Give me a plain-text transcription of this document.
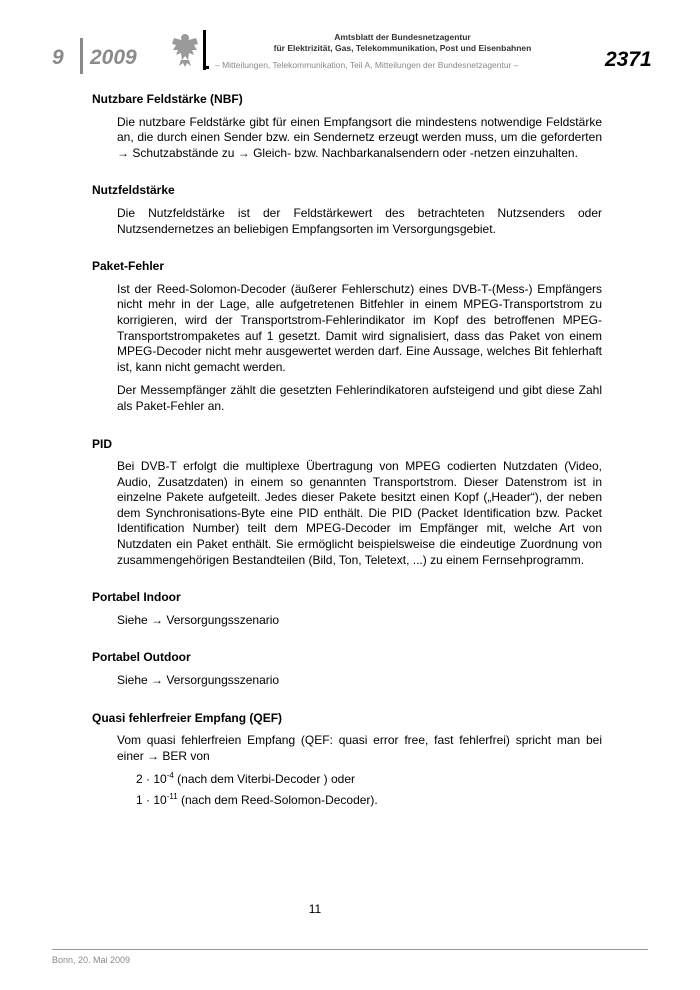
9 2009
Amtsblatt der Bundesnetzagentur
für Elektrizität, Gas, Telekommunikation, Post und Eisenbahnen
– Mitteilungen, Telekommunikation, Teil A, Mitteilungen der Bundesnetzagentur –	2371

Nutzbare Feldstärke (NBF)

Die nutzbare Feldstärke gibt für einen Empfangsort die mindestens notwendige Feldstärke an, die durch einen Sender bzw. ein Sendernetz erzeugt werden muss, um die geforderten → Schutzabstände zu → Gleich- bzw. Nachbarkanalsendern oder -netzen einzuhalten.

Nutzfeldstärke

Die Nutzfeldstärke ist der Feldstärkewert des betrachteten Nutzsenders oder Nutzsendernetzes an beliebigen Empfangsorten im Versorgungsgebiet.

Paket-Fehler

Ist der Reed-Solomon-Decoder (äußerer Fehlerschutz) eines DVB-T-(Mess-) Empfängers nicht mehr in der Lage, alle aufgetretenen Bitfehler in einem MPEG-Transportstrom zu korrigieren, wird der Transportstrom-Fehlerindikator im Kopf des betroffenen MPEG-Transportstrompaketes auf 1 gesetzt. Damit wird signalisiert, dass das Paket von einem MPEG-Decoder nicht mehr ausgewertet werden darf. Eine Aussage, welches Bit fehlerhaft ist, kann nicht gemacht werden.

Der Messempfänger zählt die gesetzten Fehlerindikatoren aufsteigend und gibt diese Zahl als Paket-Fehler an.

PID

Bei DVB-T erfolgt die multiplexe Übertragung von MPEG codierten Nutzdaten (Video, Audio, Zusatzdaten) in einem so genannten Transportstrom. Dieser Datenstrom ist in einzelne Pakete aufgeteilt. Jedes dieser Pakete besitzt einen Kopf („Header“), der neben dem Synchronisations-Byte eine PID enthält. Die PID (Packet Identification bzw. Packet Identification Number) teilt dem MPEG-Decoder im Empfänger mit, welche Art von Nutzdaten ein Paket enthält. Sie ermöglicht beispielsweise die eindeutige Zuordnung von zusammengehörigen Bestandteilen (Bild, Ton, Teletext, ...) zu einem Fernsehprogramm.

Portabel Indoor

Siehe → Versorgungsszenario

Portabel Outdoor

Siehe → Versorgungsszenario

Quasi fehlerfreier Empfang (QEF)

Vom quasi fehlerfreien Empfang (QEF: quasi error free, fast fehlerfrei) spricht man bei einer → BER von

$2 \cdot 10^{-4}$ (nach dem Viterbi-Decoder ) oder
$1 \cdot 10^{-11}$ (nach dem Reed-Solomon-Decoder).
11
Bonn, 20. Mai 2009
